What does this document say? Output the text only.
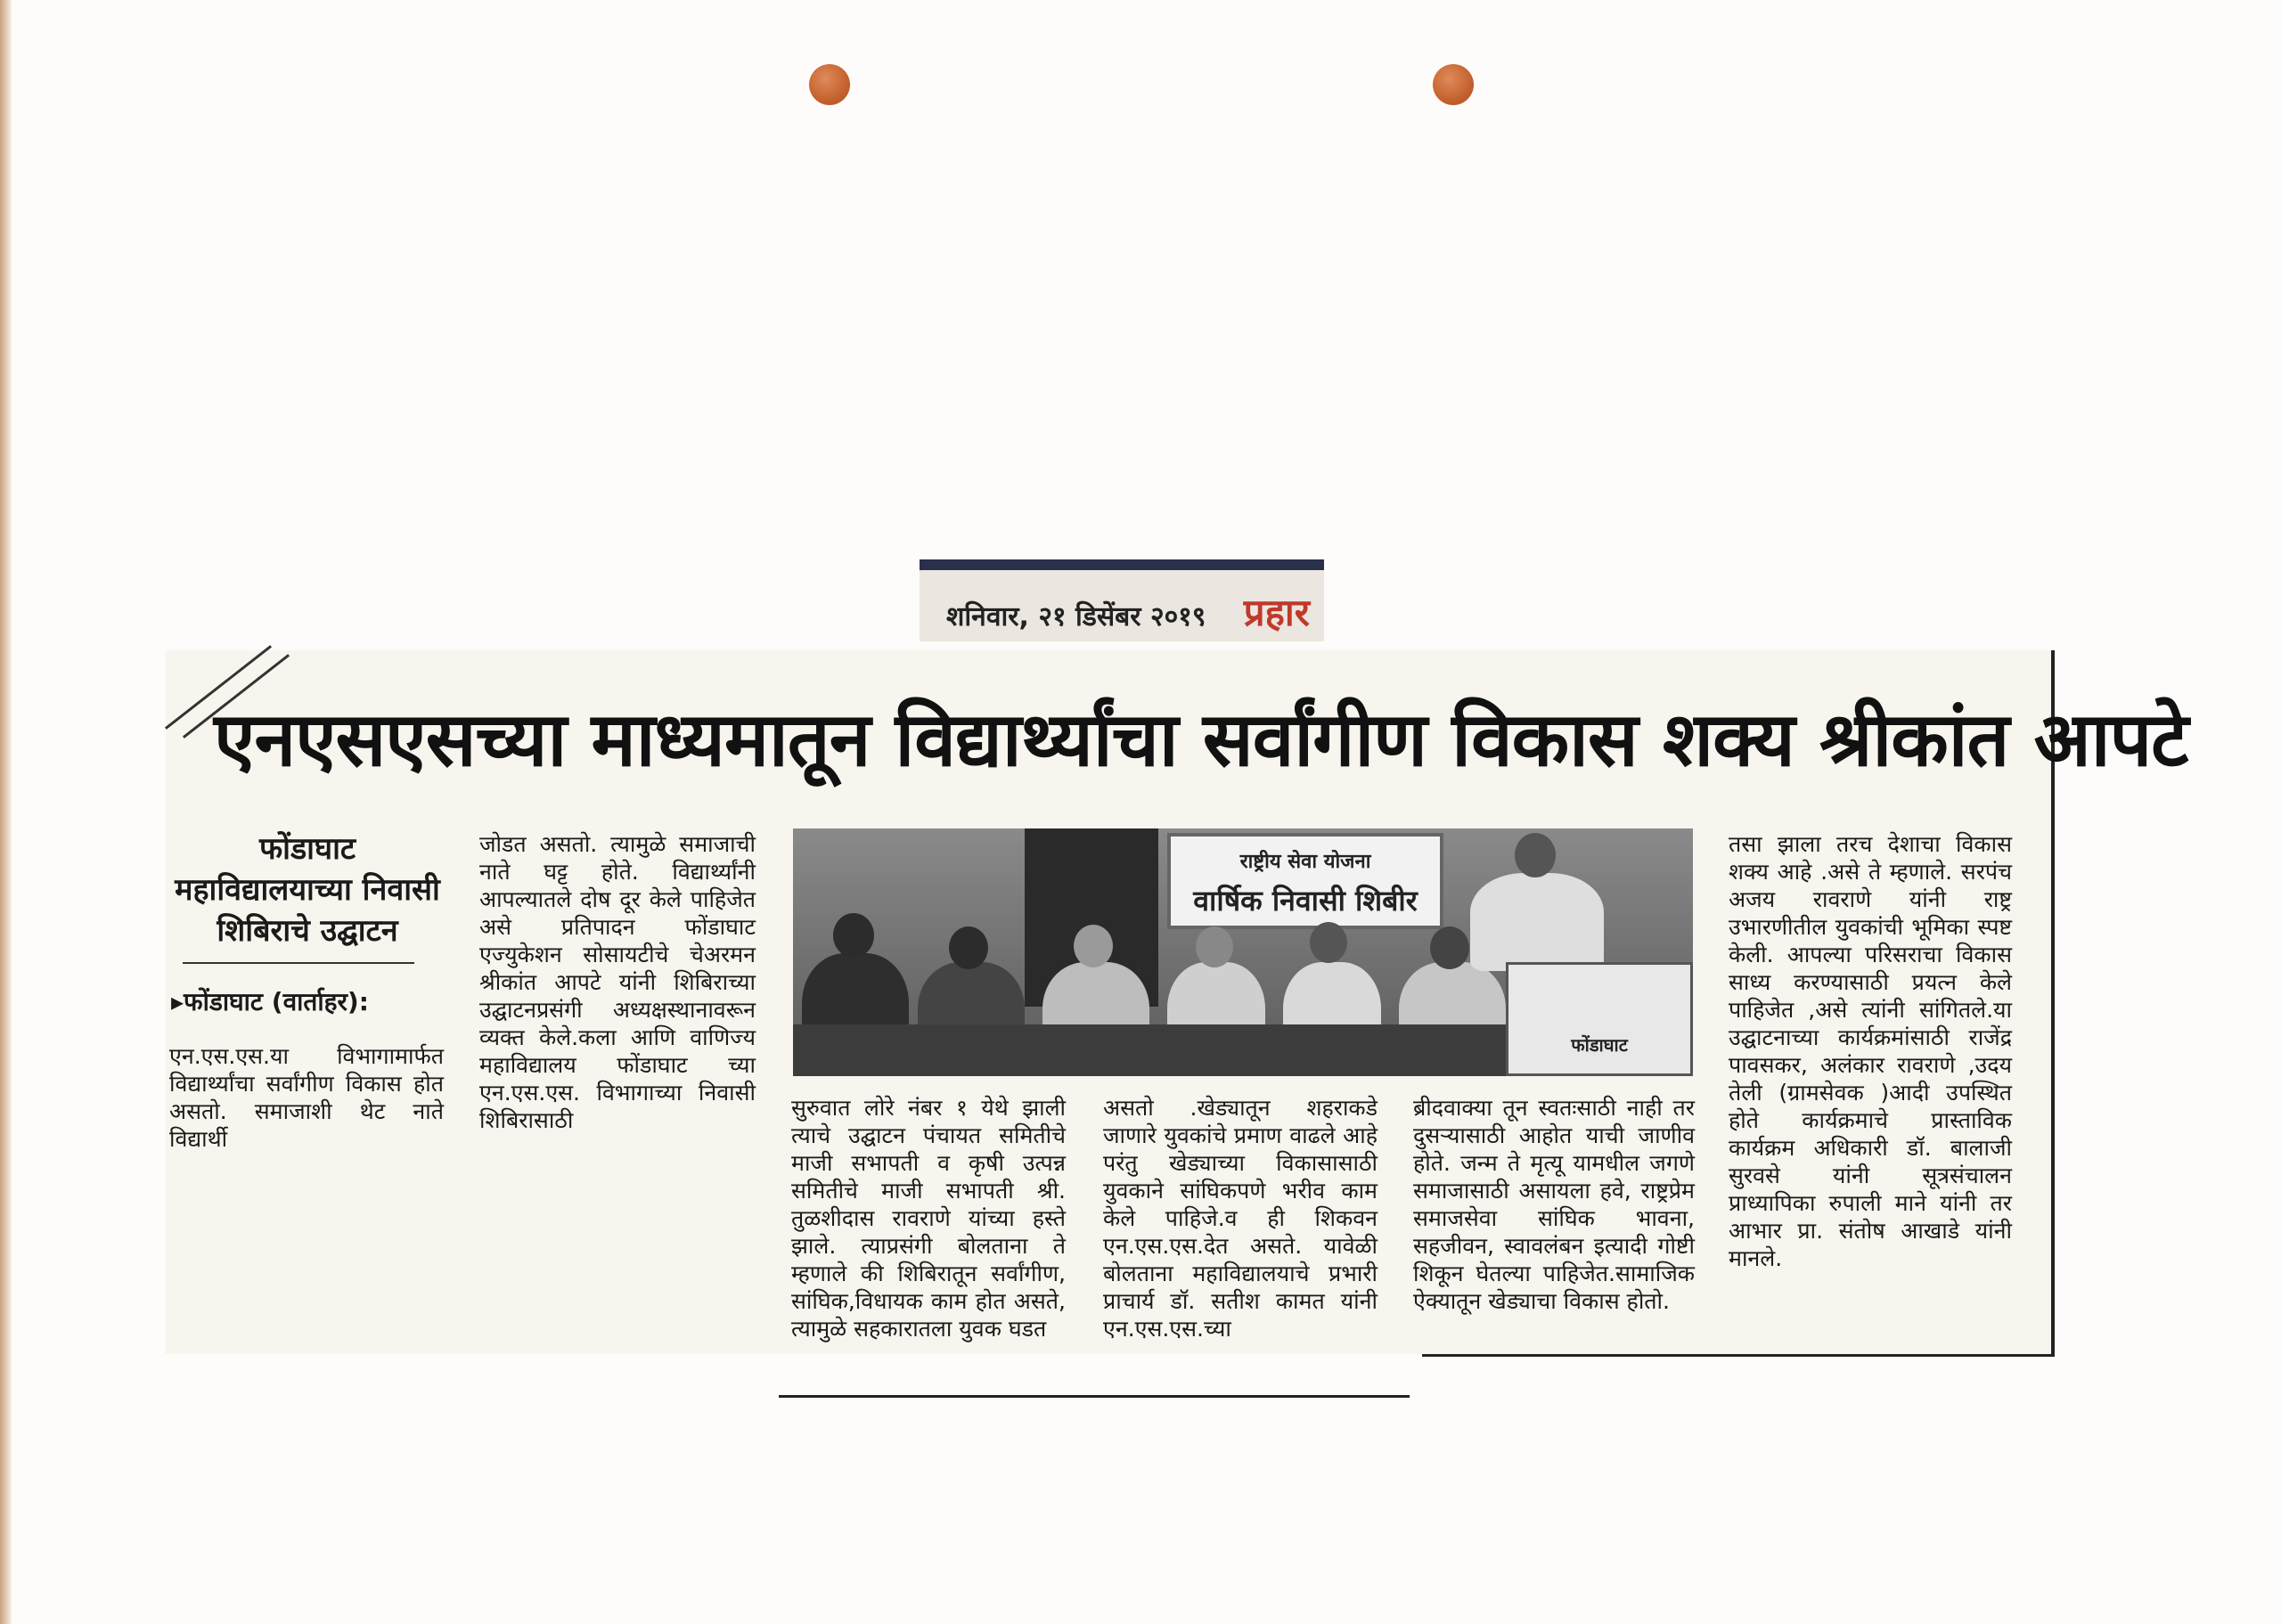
शनिवार, २१ डिसेंबर २०१९ प्रहार
एनएसएसच्या माध्यमातून विद्यार्थ्यांचा सर्वांगीण विकास शक्य श्रीकांत आपटे
फोंडाघाट
महाविद्यालयाच्या निवासी
शिबिराचे उद्घाटन
▸फोंडाघाट (वार्ताहर):

एन.एस.एस.या विभागामार्फत विद्यार्थ्यांचा सर्वांगीण विकास होत असतो. समाजाशी थेट नाते विद्यार्थी

जोडत असतो. त्यामुळे समाजाची नाते घट्ट होते. विद्यार्थ्यांनी आपल्यातले दोष दूर केले पाहिजेत असे प्रतिपादन फोंडाघाट एज्युकेशन सोसायटीचे चेअरमन श्रीकांत आपटे यांनी शिबिराच्या उद्घाटनप्रसंगी अध्यक्षस्थानावरून व्यक्त केले.कला आणि वाणिज्य महाविद्यालय फोंडाघाट च्या एन.एस.एस. विभागाच्या निवासी शिबिरासाठी

राष्ट्रीय सेवा योजना
वार्षिक निवासी शिबीर
फोंडाघाट

सुरुवात लोरे नंबर १ येथे झाली त्याचे उद्घाटन पंचायत समितीचे माजी सभापती व कृषी उत्पन्न समितीचे माजी सभापती श्री. तुळशीदास रावराणे यांच्या हस्ते झाले. त्याप्रसंगी बोलताना ते म्हणाले की शिबिरातून सर्वांगीण, सांघिक,विधायक काम होत असते, त्यामुळे सहकारातला युवक घडत

असतो .खेड्यातून शहराकडे जाणारे युवकांचे प्रमाण वाढले आहे परंतु खेड्याच्या विकासासाठी युवकाने सांघिकपणे भरीव काम केले पाहिजे.व ही शिकवन एन.एस.एस.देत असते. यावेळी बोलताना महाविद्यालयाचे प्रभारी प्राचार्य डॉ. सतीश कामत यांनी एन.एस.एस.च्या

ब्रीदवाक्या तून स्वतःसाठी नाही तर दुसऱ्यासाठी आहोत याची जाणीव होते. जन्म ते मृत्यू यामधील जगणे समाजासाठी असायला हवे, राष्ट्रप्रेम समाजसेवा सांघिक भावना, सहजीवन, स्वावलंबन इत्यादी गोष्टी शिकून घेतल्या पाहिजेत.सामाजिक ऐक्यातून खेड्याचा विकास होतो.

तसा झाला तरच देशाचा विकास शक्य आहे .असे ते म्हणाले. सरपंच अजय रावराणे यांनी राष्ट्र उभारणीतील युवकांची भूमिका स्पष्ट केली. आपल्या परिसराचा विकास साध्य करण्यासाठी प्रयत्न केले पाहिजेत ,असे त्यांनी सांगितले.या उद्घाटनाच्या कार्यक्रमांसाठी राजेंद्र पावसकर, अलंकार रावराणे ,उदय तेली (ग्रामसेवक )आदी उपस्थित होते कार्यक्रमाचे प्रास्ताविक कार्यक्रम अधिकारी डॉ. बालाजी सुरवसे यांनी सूत्रसंचालन प्राध्यापिका रुपाली माने यांनी तर आभार प्रा. संतोष आखाडे यांनी मानले.
